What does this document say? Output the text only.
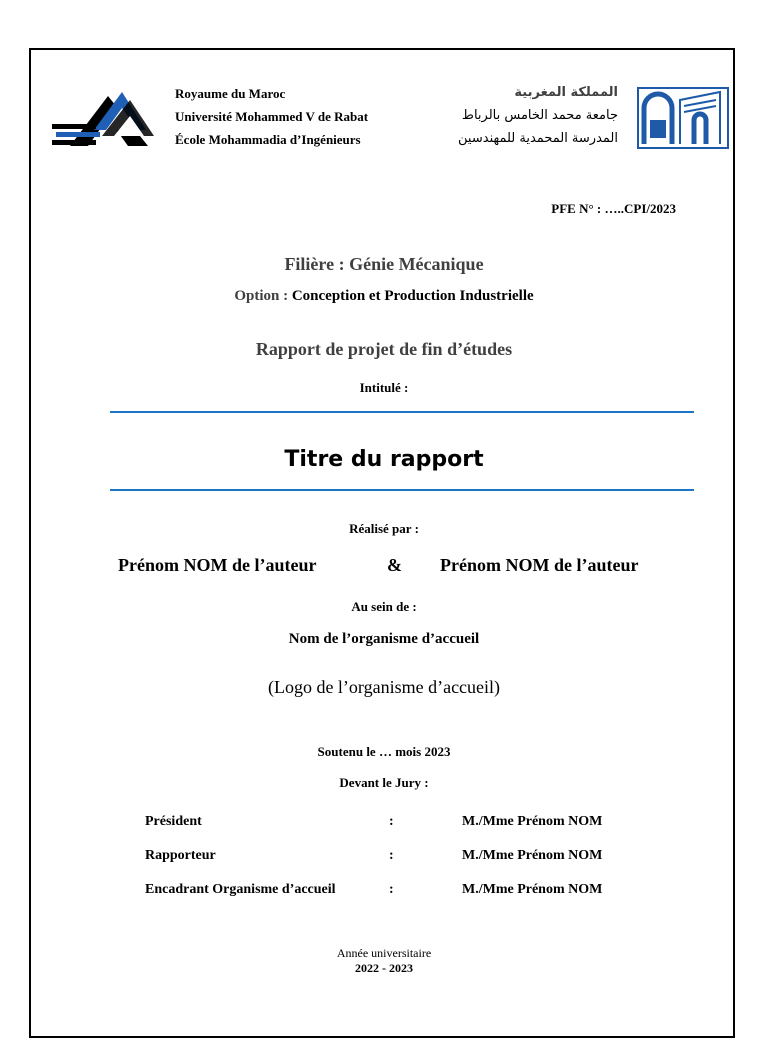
Royaume du Maroc
Université Mohammed V de Rabat
École Mohammadia d’Ingénieurs
المملكة المغربية
جامعة محمد الخامس بالرباط
المدرسة المحمدية للمهندسين
PFE N° : …..CPI/2023
Filière : Génie Mécanique
Option : Conception et Production Industrielle
Rapport de projet de fin d’études
Intitulé :
Titre du rapport
Réalisé par :
Prénom NOM de l’auteur	& Prénom NOM de l’auteur
Au sein de :
Nom de l’organisme d’accueil
(Logo de l’organisme d’accueil)
Soutenu le … mois 2023
Devant le Jury :
Président	:	M./Mme Prénom NOM
Rapporteur	:	M./Mme Prénom NOM
Encadrant Organisme d’accueil	:	M./Mme Prénom NOM
Année universitaire
2022 - 2023
